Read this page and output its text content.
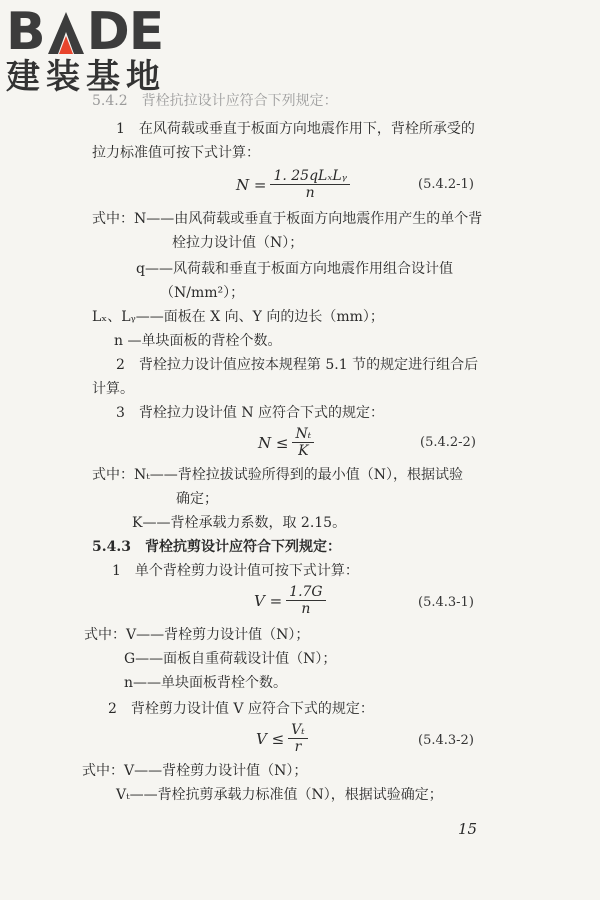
B DE
建装基地
5.4.2　背栓抗拉设计应符合下列规定：
1　在风荷载或垂直于板面方向地震作用下，背栓所承受的
拉力标准值可按下式计算：
$N = \frac{\text{1. 25qLₓLᵧ}}{n}$	(5.4.2-1)
式中：N——由风荷载或垂直于板面方向地震作用产生的单个背
栓拉力设计值（N）；
q——风荷载和垂直于板面方向地震作用组合设计值
（N/mm²）；
Lₓ、Lᵧ——面板在 X 向、Y 向的边长（mm）；
n —单块面板的背栓个数。
2　背栓拉力设计值应按本规程第 5.1 节的规定进行组合后
计算。
3　背栓拉力设计值 N 应符合下式的规定：
$N \le \frac{\text{Nₜ}}{K}$	(5.4.2-2)
式中：Nₜ——背栓拉拔试验所得到的最小值（N），根据试验
确定；
K——背栓承载力系数，取 2.15。
5.4.3　背栓抗剪设计应符合下列规定：
1　单个背栓剪力设计值可按下式计算：
$V = \frac{1.7G}{n}$	(5.4.3-1)
式中：V——背栓剪力设计值（N）；
G——面板自重荷载设计值（N）；
n——单块面板背栓个数。
2　背栓剪力设计值 V 应符合下式的规定：
$V \le \frac{\text{Vₜ}}{r}$	(5.4.3-2)
式中：V——背栓剪力设计值（N）；
Vₜ——背栓抗剪承载力标准值（N），根据试验确定；
15
